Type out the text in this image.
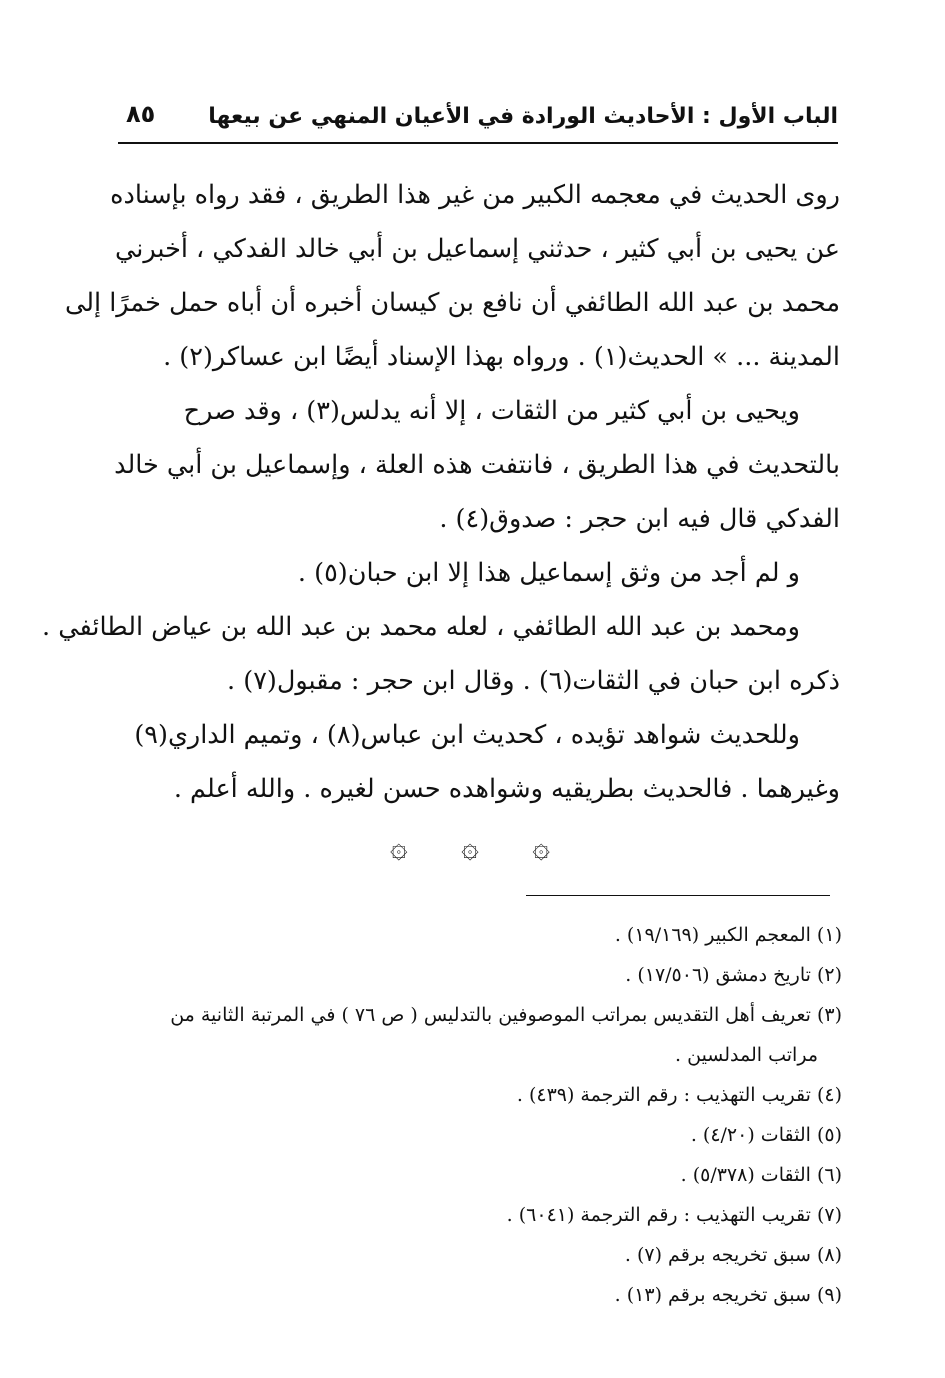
الباب الأول : الأحاديث الورادة في الأعيان المنهي عن بيعها
٨٥
روى الحديث في معجمه الكبير من غير هذا الطريق ، فقد رواه بإسناده
عن يحيى بن أبي كثير ، حدثني إسماعيل بن أبي خالد الفدكي ، أخبرني
محمد بن عبد الله الطائفي أن نافع بن كيسان أخبره أن أباه حمل خمرًا إلى
المدينة ... » الحديث(١) . ورواه بهذا الإسناد أيضًا ابن عساكر(٢) .
ويحيى بن أبي كثير من الثقات ، إلا أنه يدلس(٣) ، وقد صرح
بالتحديث في هذا الطريق ، فانتفت هذه العلة ، وإسماعيل بن أبي خالد
الفدكي قال فيه ابن حجر : صدوق(٤) .
و لم أجد من وثق إسماعيل هذا إلا ابن حبان(٥) .
ومحمد بن عبد الله الطائفي ، لعله محمد بن عبد الله بن عياض الطائفي .
ذكره ابن حبان في الثقات(٦) . وقال ابن حجر : مقبول(٧) .
وللحديث شواهد تؤيده ، كحديث ابن عباس(٨) ، وتميم الداري(٩)
وغيرهما . فالحديث بطريقيه وشواهده حسن لغيره . والله أعلم .
۞ ۞ ۞
(١) المعجم الكبير (١٩/١٦٩) .
(٢) تاريخ دمشق (١٧/٥٠٦) .
(٣) تعريف أهل التقديس بمراتب الموصوفين بالتدليس ( ص ٧٦ ) في المرتبة الثانية من
مراتب المدلسين .
(٤) تقريب التهذيب : رقم الترجمة (٤٣٩) .
(٥) الثقات (٤/٢٠) .
(٦) الثقات (٥/٣٧٨) .
(٧) تقريب التهذيب : رقم الترجمة (٦٠٤١) .
(٨) سبق تخريجه برقم (٧) .
(٩) سبق تخريجه برقم (١٣) .
